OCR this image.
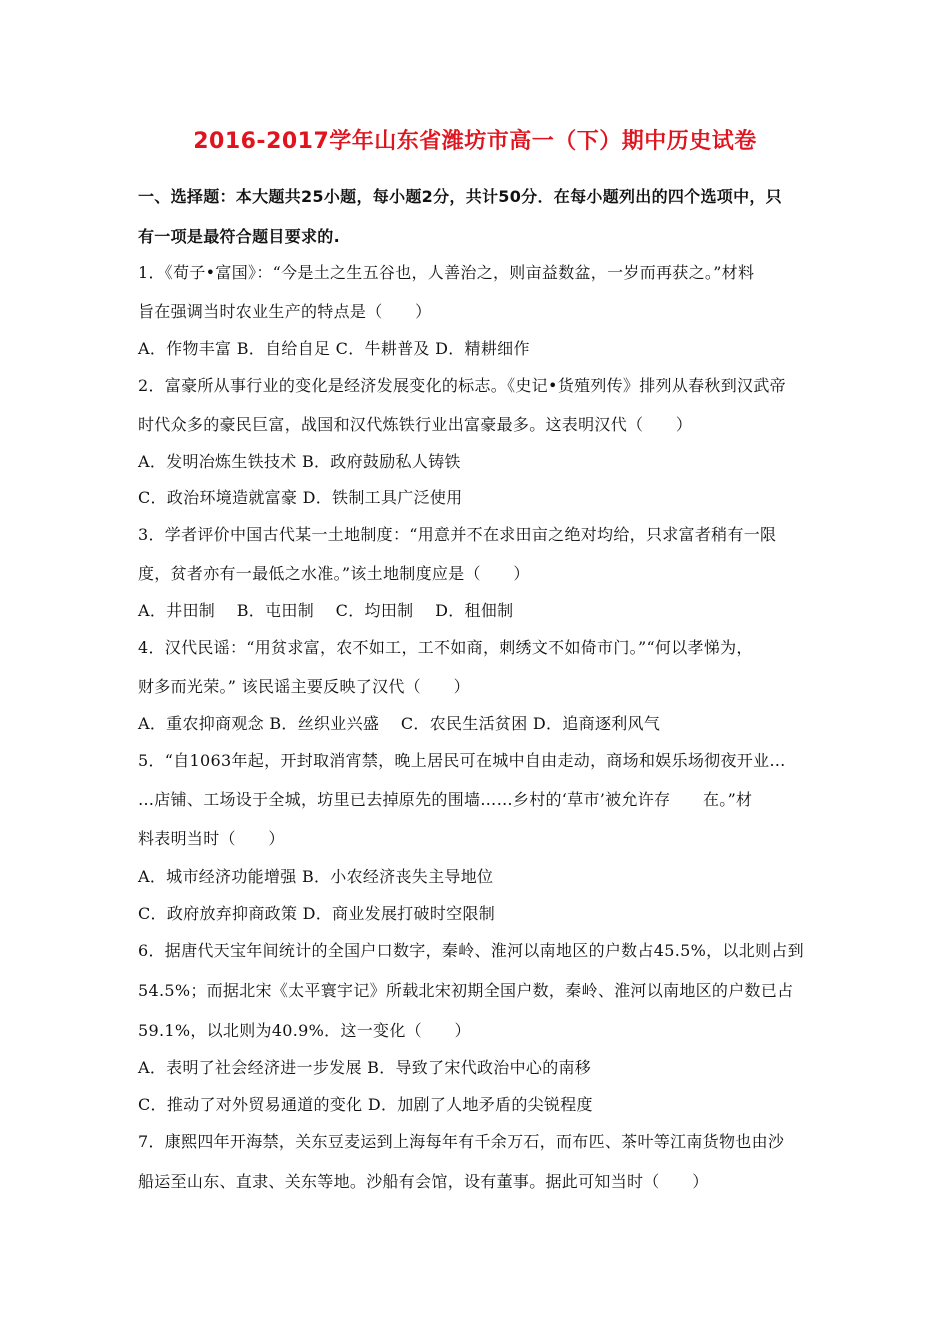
2016-2017学年山东省潍坊市高一（下）期中历史试卷
一、选择题：本大题共25小题，每小题2分，共计50分．在每小题列出的四个选项中，只
有一项是最符合题目要求的.
1．《荀子•富国》：“今是土之生五谷也，人善治之，则亩益数盆，一岁而再获之。”材料
旨在强调当时农业生产的特点是（　　）
A．作物丰富 B．自给自足 C．牛耕普及 D．精耕细作
2．富豪所从事行业的变化是经济发展变化的标志。《史记•货殖列传》排列从春秋到汉武帝
时代众多的豪民巨富，战国和汉代炼铁行业出富豪最多。这表明汉代（　　）
A．发明冶炼生铁技术 B．政府鼓励私人铸铁
C．政治环境造就富豪 D．铁制工具广泛使用
3．学者评价中国古代某一土地制度：“用意并不在求田亩之绝对均给，只求富者稍有一限
度，贫者亦有一最低之水准。”该土地制度应是（　　）
A．井田制　 B．屯田制　 C．均田制　 D．租佃制
4．汉代民谣：“用贫求富，农不如工，工不如商，刺绣文不如倚市门。”“何以孝悌为，
财多而光荣。” 该民谣主要反映了汉代（　　）
A．重农抑商观念 B．丝织业兴盛　 C．农民生活贫困 D．追商逐利风气
5．“自1063年起，开封取消宵禁，晚上居民可在城中自由走动，商场和娱乐场彻夜开业…
…店铺、工场设于全城，坊里已去掉原先的围墙……乡村的‘草市’被允许存　　在。”材
料表明当时（　　）
A．城市经济功能增强 B．小农经济丧失主导地位
C．政府放弃抑商政策 D．商业发展打破时空限制
6．据唐代天宝年间统计的全国户口数字，秦岭、淮河以南地区的户数占45.5%，以北则占到
54.5%；而据北宋《太平寰宇记》所载北宋初期全国户数，秦岭、淮河以南地区的户数已占
59.1%，以北则为40.9%．这一变化（　　）
A．表明了社会经济进一步发展 B．导致了宋代政治中心的南移
C．推动了对外贸易通道的变化 D．加剧了人地矛盾的尖锐程度
7．康熙四年开海禁，关东豆麦运到上海每年有千余万石，而布匹、茶叶等江南货物也由沙
船运至山东、直隶、关东等地。沙船有会馆，设有董事。据此可知当时（　　）
